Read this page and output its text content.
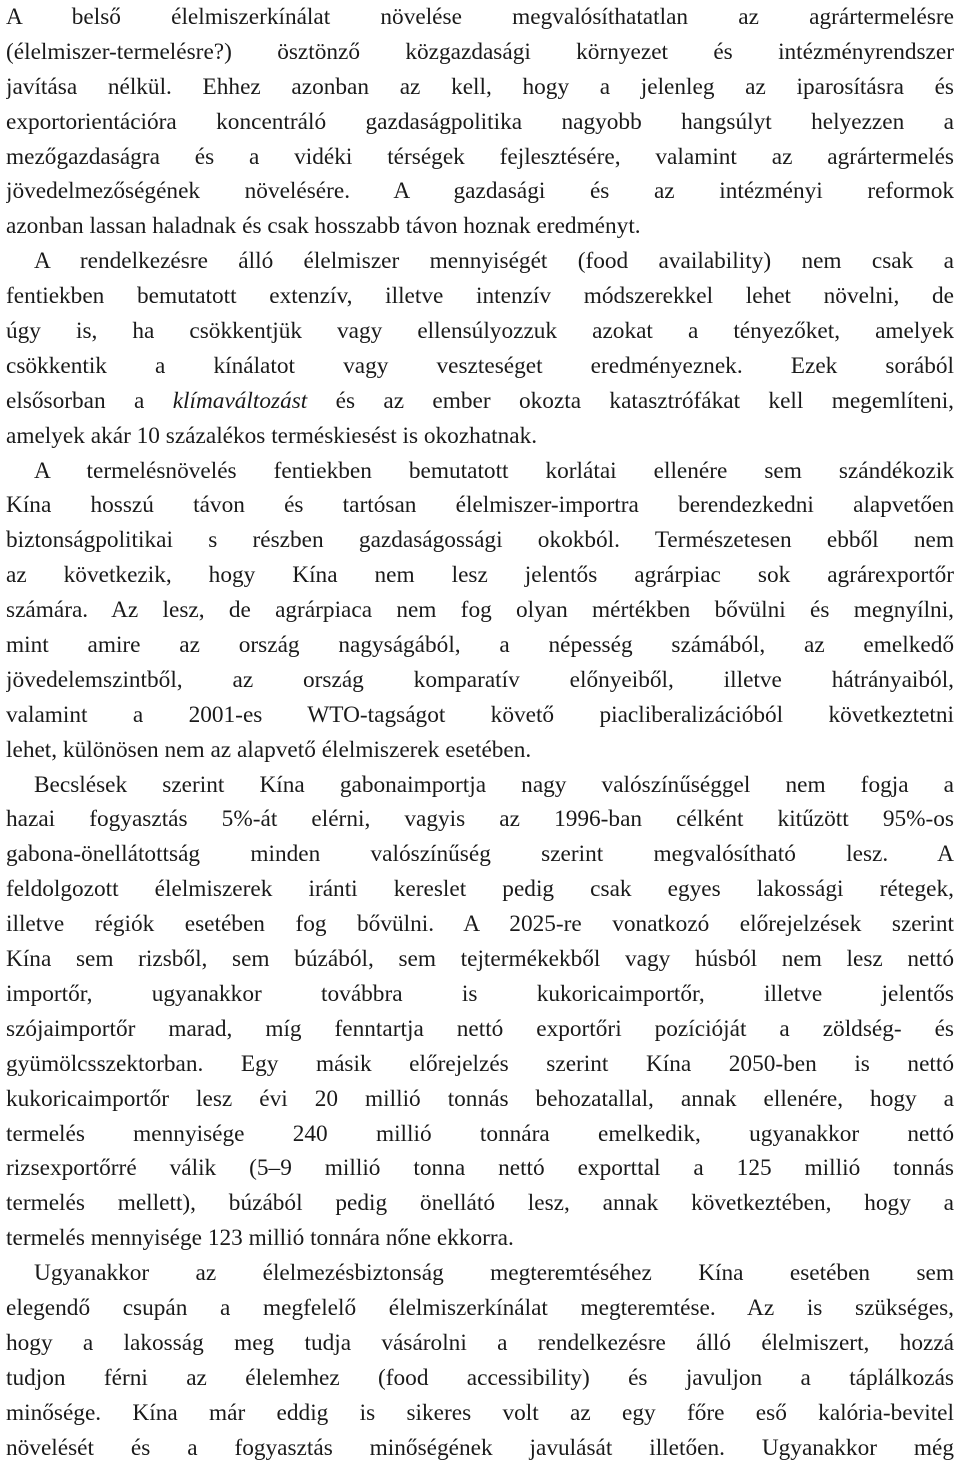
A belső élelmiszerkínálat növelése megvalósíthatatlan az agrártermelésre
(élelmiszer-termelésre?) ösztönző közgazdasági környezet és intézményrendszer
javítása nélkül. Ehhez azonban az kell, hogy a jelenleg az iparosításra és
exportorientációra koncentráló gazdaságpolitika nagyobb hangsúlyt helyezzen a
mezőgazdaságra és a vidéki térségek fejlesztésére, valamint az agrártermelés
jövedelmezőségének növelésére. A gazdasági és az intézményi reformok
azonban lassan haladnak és csak hosszabb távon hoznak eredményt.

A rendelkezésre álló élelmiszer mennyiségét (food availability) nem csak a
fentiekben bemutatott extenzív, illetve intenzív módszerekkel lehet növelni, de
úgy is, ha csökkentjük vagy ellensúlyozzuk azokat a tényezőket, amelyek
csökkentik a kínálatot vagy veszteséget eredményeznek. Ezek sorából
elsősorban a klímaváltozást és az ember okozta katasztrófákat kell megemlíteni,
amelyek akár 10 százalékos terméskiesést is okozhatnak.

A termelésnövelés fentiekben bemutatott korlátai ellenére sem szándékozik
Kína hosszú távon és tartósan élelmiszer-importra berendezkedni alapvetően
biztonságpolitikai s részben gazdaságossági okokból. Természetesen ebből nem
az következik, hogy Kína nem lesz jelentős agrárpiac sok agrárexportőr
számára. Az lesz, de agrárpiaca nem fog olyan mértékben bővülni és megnyílni,
mint amire az ország nagyságából, a népesség számából, az emelkedő
jövedelemszintből, az ország komparatív előnyeiből, illetve hátrányaiból,
valamint a 2001-es WTO-tagságot követő piacliberalizációból következtetni
lehet, különösen nem az alapvető élelmiszerek esetében.

Becslések szerint Kína gabonaimportja nagy valószínűséggel nem fogja a
hazai fogyasztás 5%-át elérni, vagyis az 1996-ban célként kitűzött 95%-os
gabona-önellátottság minden valószínűség szerint megvalósítható lesz. A
feldolgozott élelmiszerek iránti kereslet pedig csak egyes lakossági rétegek,
illetve régiók esetében fog bővülni. A 2025-re vonatkozó előrejelzések szerint
Kína sem rizsből, sem búzából, sem tejtermékekből vagy húsból nem lesz nettó
importőr, ugyanakkor továbbra is kukoricaimportőr, illetve jelentős
szójaimportőr marad, míg fenntartja nettó exportőri pozícióját a zöldség- és
gyümölcsszektorban. Egy másik előrejelzés szerint Kína 2050-ben is nettó
kukoricaimportőr lesz évi 20 millió tonnás behozatallal, annak ellenére, hogy a
termelés mennyisége 240 millió tonnára emelkedik, ugyanakkor nettó
rizsexportőrré válik (5–9 millió tonna nettó exporttal a 125 millió tonnás
termelés mellett), búzából pedig önellátó lesz, annak következtében, hogy a
termelés mennyisége 123 millió tonnára nőne ekkorra.

Ugyanakkor az élelmezésbiztonság megteremtéséhez Kína esetében sem
elegendő csupán a megfelelő élelmiszerkínálat megteremtése. Az is szükséges,
hogy a lakosság meg tudja vásárolni a rendelkezésre álló élelmiszert, hozzá
tudjon férni az élelemhez (food accessibility) és javuljon a táplálkozás
minősége. Kína már eddig is sikeres volt az egy főre eső kalória-bevitel
növelését és a fogyasztás minőségének javulását illetően. Ugyanakkor még
